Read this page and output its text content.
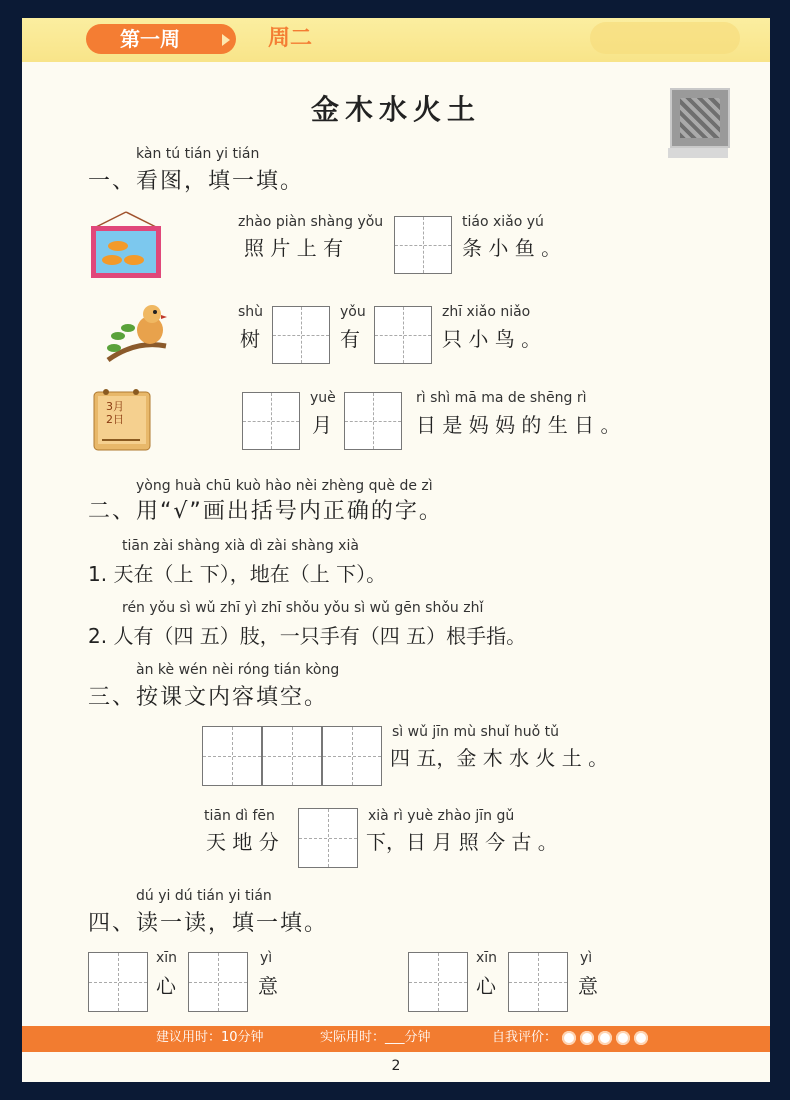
第一周	周二
金木水火土
kàn tú tián yi tián
一、看图，填一填。
zhào piàn shàng yǒu
照 片 上 有
tiáo xiǎo yú
条 小 鱼 。
shù
树
yǒu
有
zhī xiǎo niǎo
只 小 鸟 。
3月
2日
yuè
月
rì shì mā ma de shēng rì
日 是 妈 妈 的 生 日 。
yòng huà chū kuò hào nèi zhèng què de zì
二、用“√”画出括号内正确的字。
tiān zài shàng xià dì zài shàng xià
1. 天在（上 下），地在（上 下）。
rén yǒu sì wǔ zhī yì zhī shǒu yǒu sì wǔ gēn shǒu zhǐ
2. 人有（四 五）肢，一只手有（四 五）根手指。
àn kè wén nèi róng tián kòng
三、按课文内容填空。
sì wǔ jīn mù shuǐ huǒ tǔ
四 五，金 木 水 火 土 。
tiān dì fēn
天 地 分
xià rì yuè zhào jīn gǔ
下，日 月 照 今 古 。
dú yi dú tián yi tián
四、读一读，填一填。
xīn
心
yì
意
xīn
心
yì
意
建议用时：10分钟	实际用时：___分钟	自我评价：
2
